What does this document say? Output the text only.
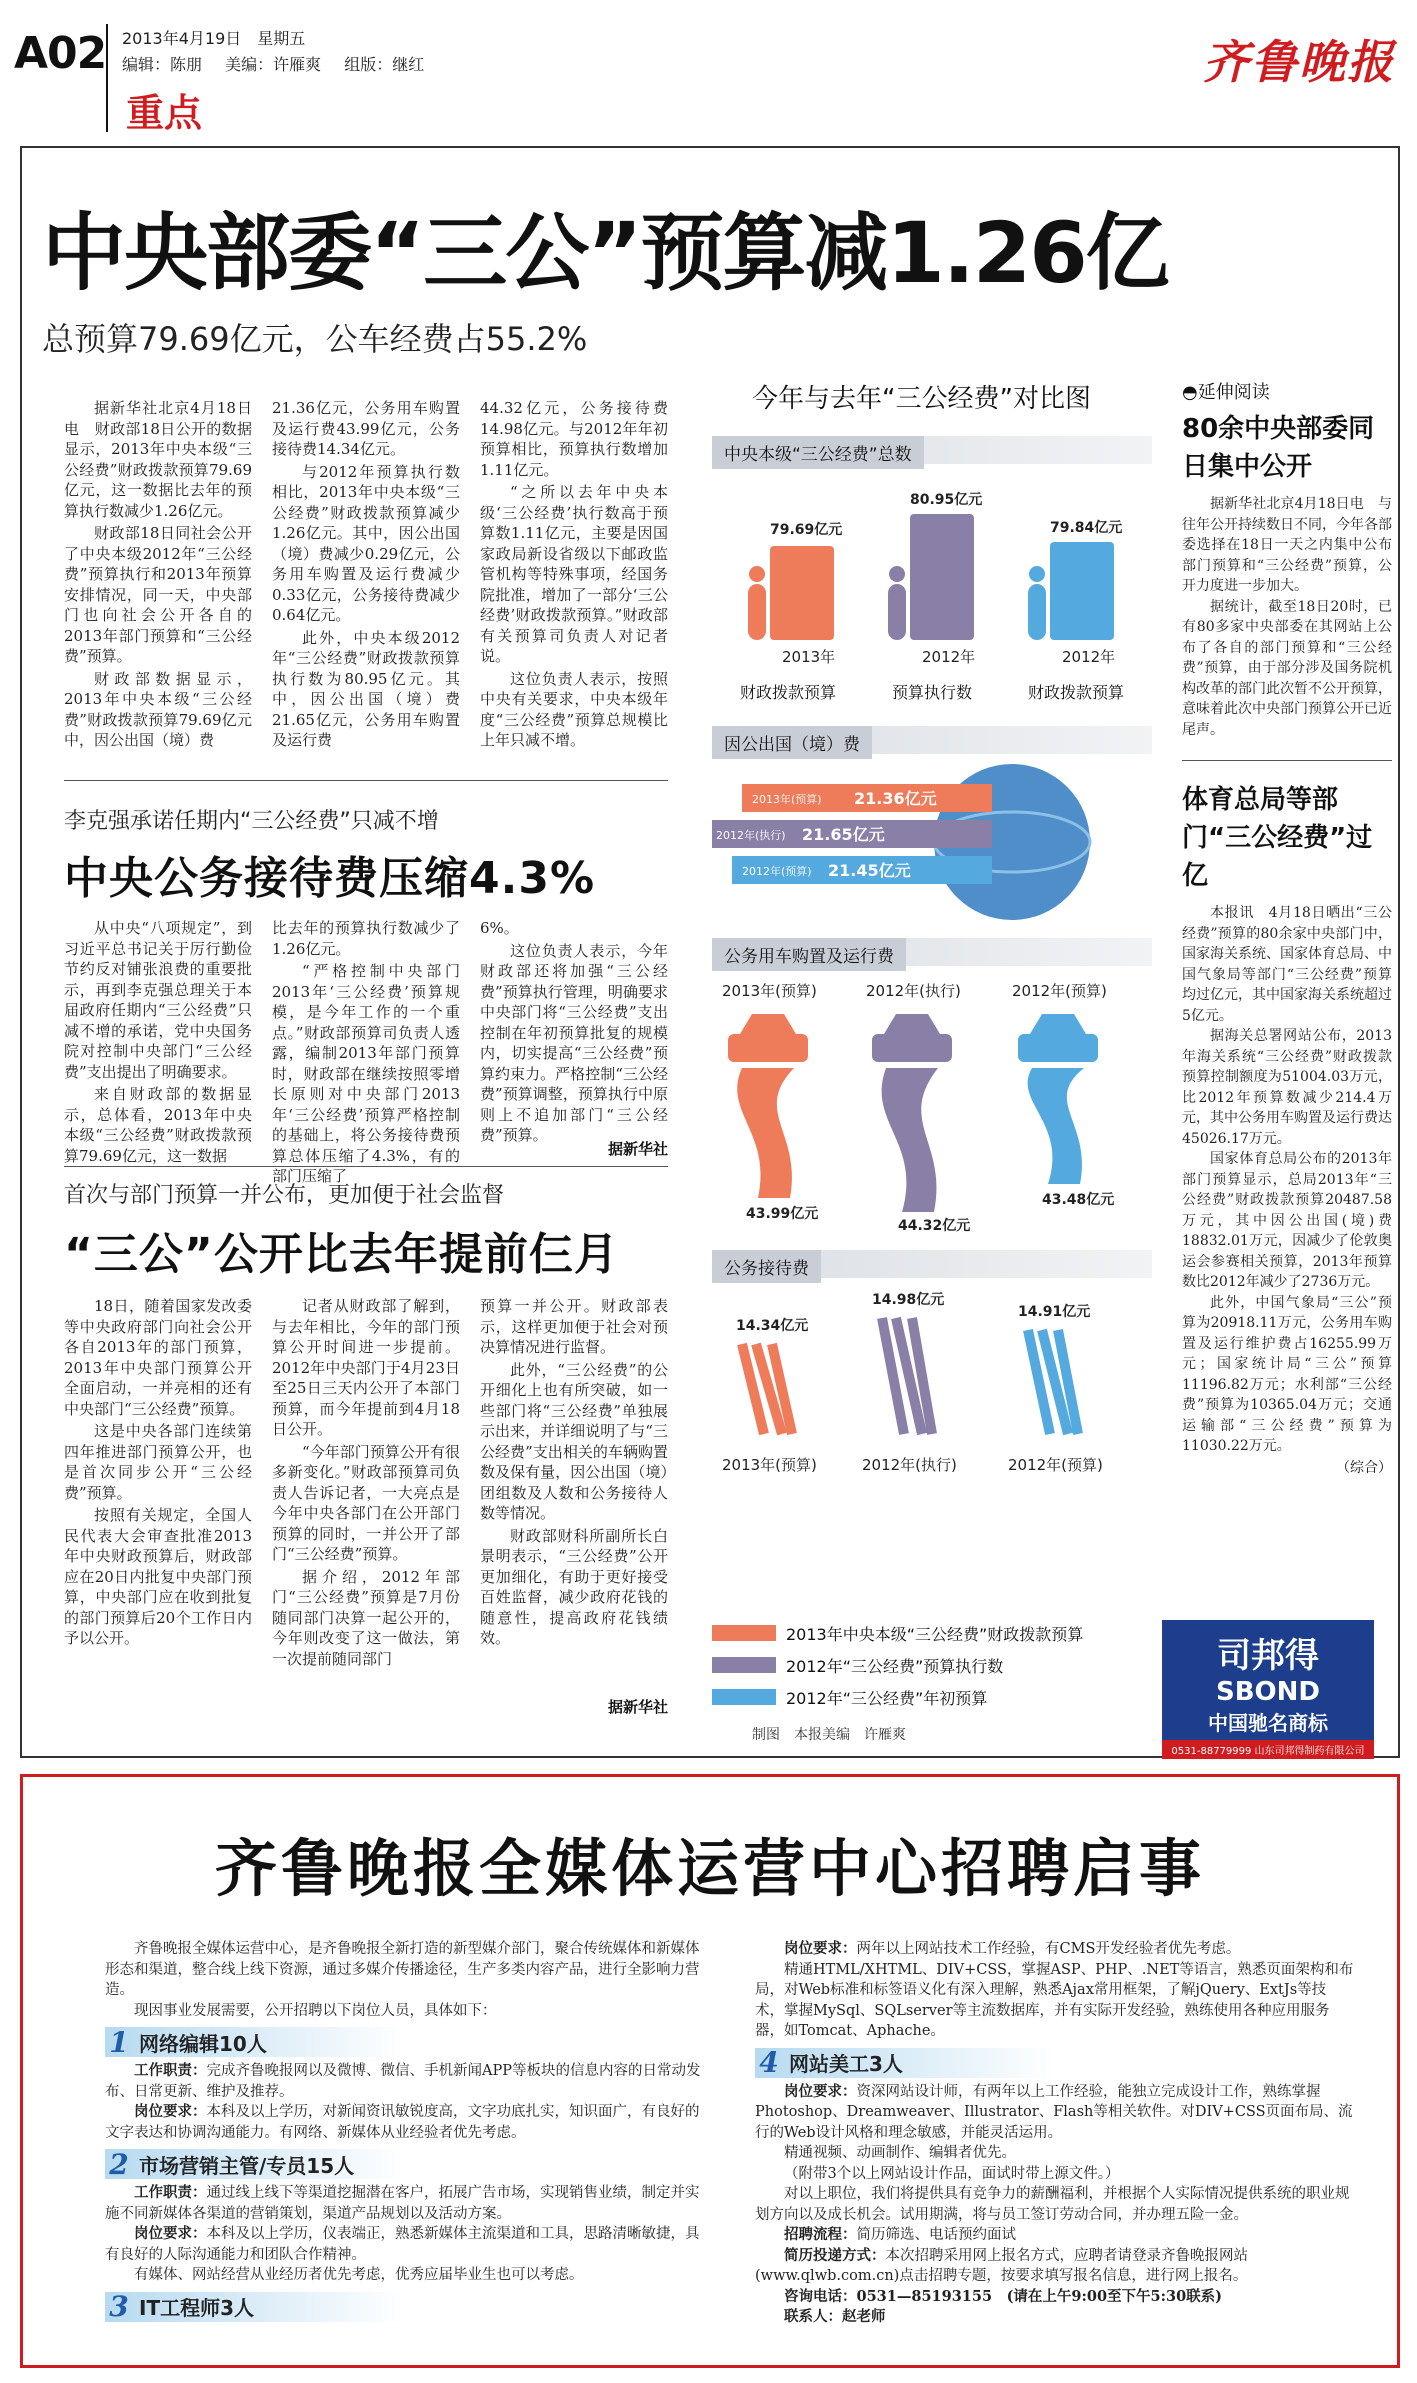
A02 2013年4月19日　星期五
编辑：陈朋 美编：许雁爽 组版：继红
重点
齐鲁晚报
中央部委“三公”预算减1.26亿
总预算79.69亿元，公车经费占55.2%

据新华社北京4月18日电　财政部18日公开的数据显示，2013年中央本级“三公经费”财政拨款预算79.69亿元，这一数据比去年的预算执行数减少1.26亿元。

财政部18日同社会公开了中央本级2012年“三公经费”预算执行和2013年预算安排情况，同一天，中央部门也向社会公开各自的2013年部门预算和“三公经费”预算。

财政部数据显示，2013年中央本级“三公经费”财政拨款预算79.69亿元中，因公出国（境）费

21.36亿元，公务用车购置及运行费43.99亿元，公务接待费14.34亿元。

与2012年预算执行数相比，2013年中央本级“三公经费”财政拨款预算减少1.26亿元。其中，因公出国（境）费减少0.29亿元，公务用车购置及运行费减少0.33亿元，公务接待费减少0.64亿元。

此外，中央本级2012年“三公经费”财政拨款预算执行数为80.95亿元。其中，因公出国（境）费21.65亿元，公务用车购置及运行费

44.32亿元，公务接待费14.98亿元。与2012年年初预算相比，预算执行数增加1.11亿元。

“之所以去年中央本级‘三公经费’执行数高于预算数1.11亿元，主要是因国家政局新设省级以下邮政监管机构等特殊事项，经国务院批准，增加了一部分‘三公经费’财政拨款预算。”财政部有关预算司负责人对记者说。

这位负责人表示，按照中央有关要求，中央本级年度“三公经费”预算总规模比上年只减不增。

李克强承诺任期内“三公经费”只减不增
中央公务接待费压缩4.3%

从中央“八项规定”，到习近平总书记关于厉行勤俭节约反对铺张浪费的重要批示，再到李克强总理关于本届政府任期内“三公经费”只减不增的承诺，党中央国务院对控制中央部门“三公经费”支出提出了明确要求。

来自财政部的数据显示，总体看，2013年中央本级“三公经费”财政拨款预算79.69亿元，这一数据

比去年的预算执行数减少了1.26亿元。

“严格控制中央部门2013年‘三公经费’预算规模，是今年工作的一个重点。”财政部预算司负责人透露，编制2013年部门预算时，财政部在继续按照零增长原则对中央部门2013年‘三公经费’预算严格控制的基础上，将公务接待费预算总体压缩了4.3%，有的部门压缩了

6%。

这位负责人表示，今年财政部还将加强“三公经费”预算执行管理，明确要求中央部门将“三公经费”支出控制在年初预算批复的规模内，切实提高“三公经费”预算约束力。严格控制“三公经费”预算调整，预算执行中原则上不追加部门“三公经费”预算。

据新华社
首次与部门预算一并公布，更加便于社会监督
“三公”公开比去年提前仨月

18日，随着国家发改委等中央政府部门向社会公开各自2013年的部门预算，2013年中央部门预算公开全面启动，一并亮相的还有中央部门“三公经费”预算。

这是中央各部门连续第四年推进部门预算公开，也是首次同步公开“三公经费”预算。

按照有关规定，全国人民代表大会审查批准2013年中央财政预算后，财政部应在20日内批复中央部门预算，中央部门应在收到批复的部门预算后20个工作日内予以公开。

记者从财政部了解到，与去年相比，今年的部门预算公开时间进一步提前。2012年中央部门于4月23日至25日三天内公开了本部门预算，而今年提前到4月18日公开。

“今年部门预算公开有很多新变化。”财政部预算司负责人告诉记者，一大亮点是今年中央各部门在公开部门预算的同时，一并公开了部门“三公经费”预算。

据介绍，2012年部门“三公经费”预算是7月份随同部门决算一起公开的，今年则改变了这一做法，第一次提前随同部门

预算一并公开。财政部表示，这样更加便于社会对预决算情况进行监督。

此外，“三公经费”的公开细化上也有所突破，如一些部门将“三公经费”单独展示出来，并详细说明了与“三公经费”支出相关的车辆购置数及保有量，因公出国（境）团组数及人数和公务接待人数等情况。

财政部财科所副所长白景明表示，“三公经费”公开更加细化，有助于更好接受百姓监督，减少政府花钱的随意性，提高政府花钱绩效。

据新华社
今年与去年“三公经费”对比图
中央本级“三公经费”总数
79.69亿元
2013年
80.95亿元
2012年
79.84亿元
2012年
财政拨款预算	预算执行数	财政拨款预算
因公出国（境）费
2013年(预算) 21.36亿元
2012年(执行) 21.65亿元
2012年(预算) 21.45亿元
公务用车购置及运行费
2013年(预算)	2012年(执行)	2012年(预算)
43.99亿元
44.32亿元
43.48亿元
公务接待费
14.34亿元
2013年(预算)
14.98亿元
2012年(执行)
14.91亿元
2012年(预算)
2013年中央本级“三公经费”财政拨款预算
2012年“三公经费”预算执行数
2012年“三公经费”年初预算
制图　本报美编　许雁爽
◓延伸阅读
80余中央部委同日集中公开

据新华社北京4月18日电　与往年公开持续数日不同，今年各部委选择在18日一天之内集中公布部门预算和“三公经费”预算，公开力度进一步加大。

据统计，截至18日20时，已有80多家中央部委在其网站上公布了各自的部门预算和“三公经费”预算，由于部分涉及国务院机构改革的部门此次暂不公开预算，意味着此次中央部门预算公开已近尾声。

体育总局等部门“三公经费”过亿

本报讯　4月18日晒出“三公经费”预算的80余家中央部门中，国家海关系统、国家体育总局、中国气象局等部门“三公经费”预算均过亿元，其中国家海关系统超过5亿元。

据海关总署网站公布，2013年海关系统“三公经费”财政拨款预算控制额度为51004.03万元，比2012年预算数减少214.4万元，其中公务用车购置及运行费达45026.17万元。

国家体育总局公布的2013年部门预算显示，总局2013年“三公经费”财政拨款预算20487.58万元，其中因公出国(境)费18832.01万元，因减少了伦敦奥运会参赛相关预算，2013年预算数比2012年减少了2736万元。

此外，中国气象局“三公”预算为20918.11万元，公务用车购置及运行维护费占16255.99万元；国家统计局“三公”预算11196.82万元；水利部“三公经费”预算为10365.04万元；交通运输部“三公经费”预算为11030.22万元。

（综合）
司邦得
SBOND
中国驰名商标
0531-88779999 山东司邦得制药有限公司
齐鲁晚报全媒体运营中心招聘启事

齐鲁晚报全媒体运营中心，是齐鲁晚报全新打造的新型媒介部门，聚合传统媒体和新媒体形态和渠道，整合线上线下资源，通过多媒介传播途径，生产多类内容产品，进行全影响力营造。

现因事业发展需要，公开招聘以下岗位人员，具体如下：

1 网络编辑10人

工作职责：完成齐鲁晚报网以及微博、微信、手机新闻APP等板块的信息内容的日常动发布、日常更新、维护及推荐。

岗位要求：本科及以上学历，对新闻资讯敏锐度高，文字功底扎实，知识面广，有良好的文字表达和协调沟通能力。有网络、新媒体从业经验者优先考虑。

2 市场营销主管/专员15人

工作职责：通过线上线下等渠道挖掘潜在客户，拓展广告市场，实现销售业绩，制定并实施不同新媒体各渠道的营销策划，渠道产品规划以及活动方案。

岗位要求：本科及以上学历，仪表端正，熟悉新媒体主流渠道和工具，思路清晰敏捷，具有良好的人际沟通能力和团队合作精神。

有媒体、网站经营从业经历者优先考虑，优秀应届毕业生也可以考虑。

3 IT工程师3人

岗位要求：两年以上网站技术工作经验，有CMS开发经验者优先考虑。

精通HTML/XHTML、DIV+CSS，掌握ASP、PHP、.NET等语言，熟悉页面架构和布局，对Web标准和标签语义化有深入理解，熟悉Ajax常用框架，了解jQuery、ExtJs等技术，掌握MySql、SQLserver等主流数据库，并有实际开发经验，熟练使用各种应用服务器，如Tomcat、Aphache。

4 网站美工3人

岗位要求：资深网站设计师，有两年以上工作经验，能独立完成设计工作，熟练掌握Photoshop、Dreamweaver、Illustrator、Flash等相关软件。对DIV+CSS页面布局、流行的Web设计风格和理念敏感，并能灵活运用。

精通视频、动画制作、编辑者优先。

（附带3个以上网站设计作品，面试时带上源文件。）

对以上职位，我们将提供具有竞争力的薪酬福利，并根据个人实际情况提供系统的职业规划方向以及成长机会。试用期满，将与员工签订劳动合同，并办理五险一金。

招聘流程：简历筛选、电话预约面试

简历投递方式：本次招聘采用网上报名方式，应聘者请登录齐鲁晚报网站(www.qlwb.com.cn)点击招聘专题，按要求填写报名信息，进行网上报名。

咨询电话：0531—85193155　(请在上午9:00至下午5:30联系)

联系人：赵老师
